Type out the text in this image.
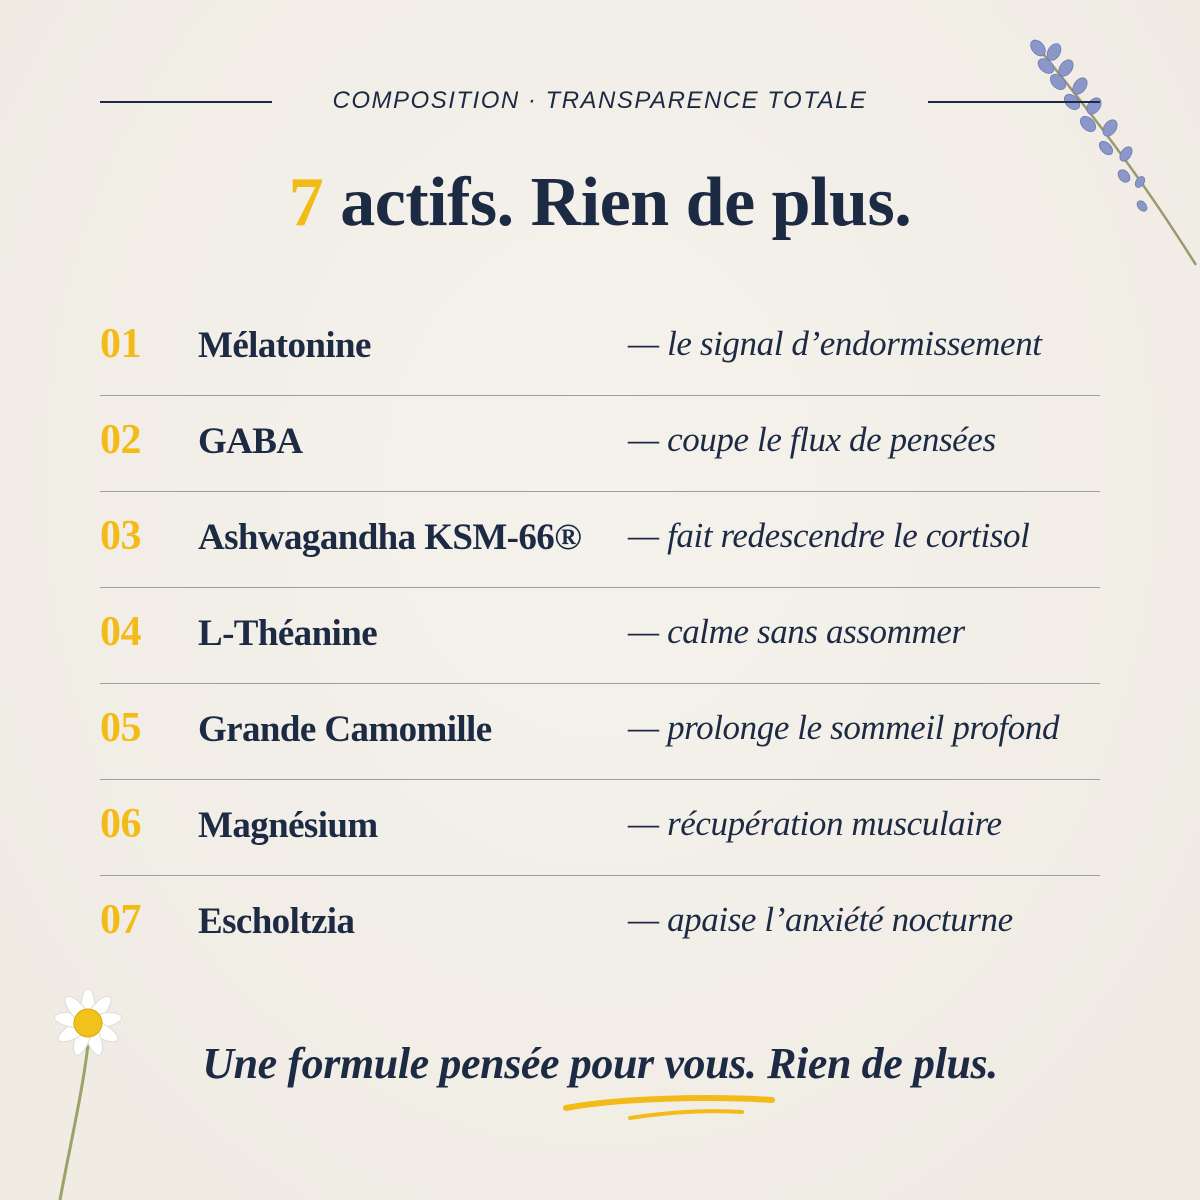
COMPOSITION · TRANSPARENCE TOTALE
7 actifs. Rien de plus.
01 Mélatonine	— le signal d’endormissement
02 GABA	— coupe le flux de pensées
03 Ashwagandha KSM-66® — fait redescendre le cortisol
04 L-Théanine	— calme sans assommer
05 Grande Camomille	— prolonge le sommeil profond
06 Magnésium	— récupération musculaire
07 Escholtzia	— apaise l’anxiété nocturne
Une formule pensée pour vous. Rien de plus.
